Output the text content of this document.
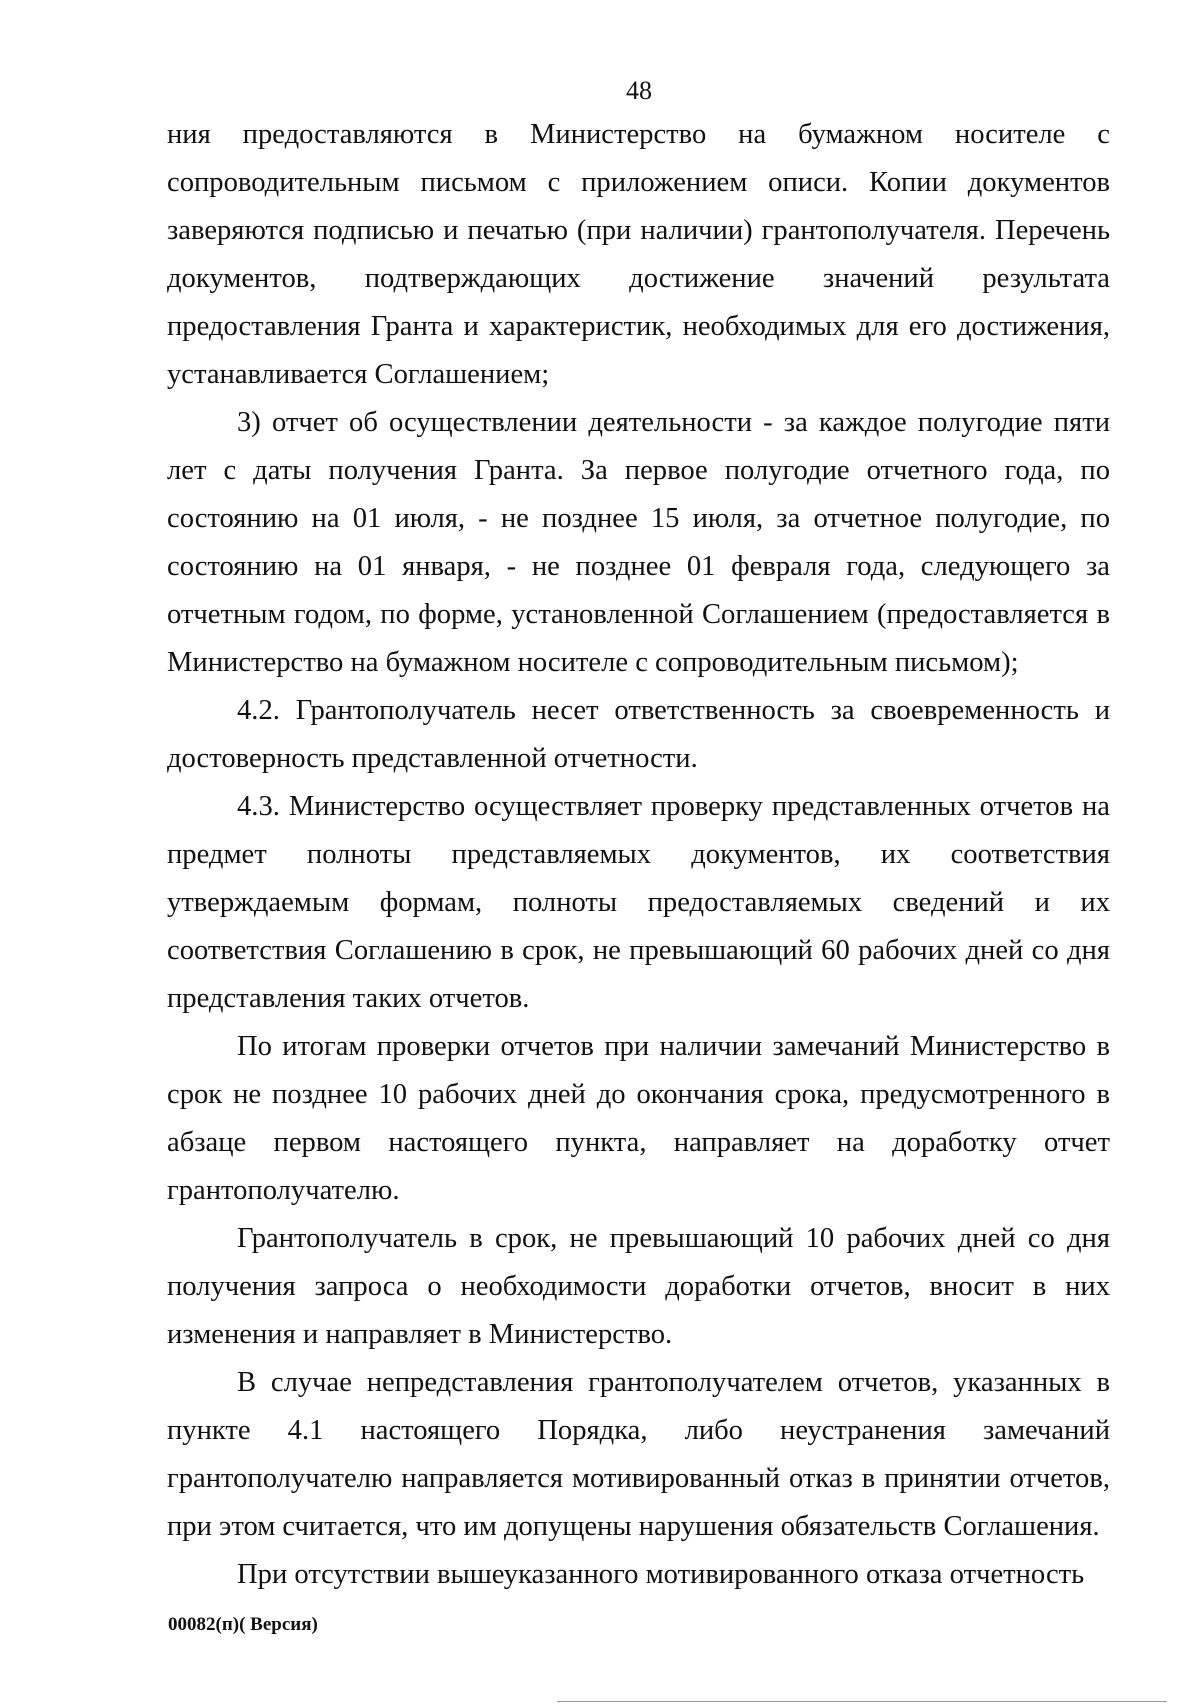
48

ния предоставляются в Министерство на бумажном носителе с сопроводительным письмом с приложением описи. Копии документов заверяются подписью и печатью (при наличии) грантополучателя. Перечень документов, подтверждающих достижение значений результата предоставления Гранта и характеристик, необходимых для его достижения, устанавливается Соглашением;

3) отчет об осуществлении деятельности - за каждое полугодие пяти лет с даты получения Гранта. За первое полугодие отчетного года, по состоянию на 01 июля, - не позднее 15 июля, за отчетное полугодие, по состоянию на 01 января, - не позднее 01 февраля года, следующего за отчетным годом, по форме, установленной Соглашением (предоставляется в Министерство на бумажном носителе с сопроводительным письмом);

4.2. Грантополучатель несет ответственность за своевременность и достоверность представленной отчетности.

4.3. Министерство осуществляет проверку представленных отчетов на предмет полноты представляемых документов, их соответствия утверждаемым формам, полноты предоставляемых сведений и их соответствия Соглашению в срок, не превышающий 60 рабочих дней со дня представления таких отчетов.

По итогам проверки отчетов при наличии замечаний Министерство в срок не позднее 10 рабочих дней до окончания срока, предусмотренного в абзаце первом настоящего пункта, направляет на доработку отчет грантополучателю.

Грантополучатель в срок, не превышающий 10 рабочих дней со дня получения запроса о необходимости доработки отчетов, вносит в них изменения и направляет в Министерство.

В случае непредставления грантополучателем отчетов, указанных в пункте 4.1 настоящего Порядка, либо неустранения замечаний грантополучателю направляется мотивированный отказ в принятии отчетов, при этом считается, что им допущены нарушения обязательств Соглашения.

При отсутствии вышеуказанного мотивированного отказа отчетность

00082(п)( Версия)
